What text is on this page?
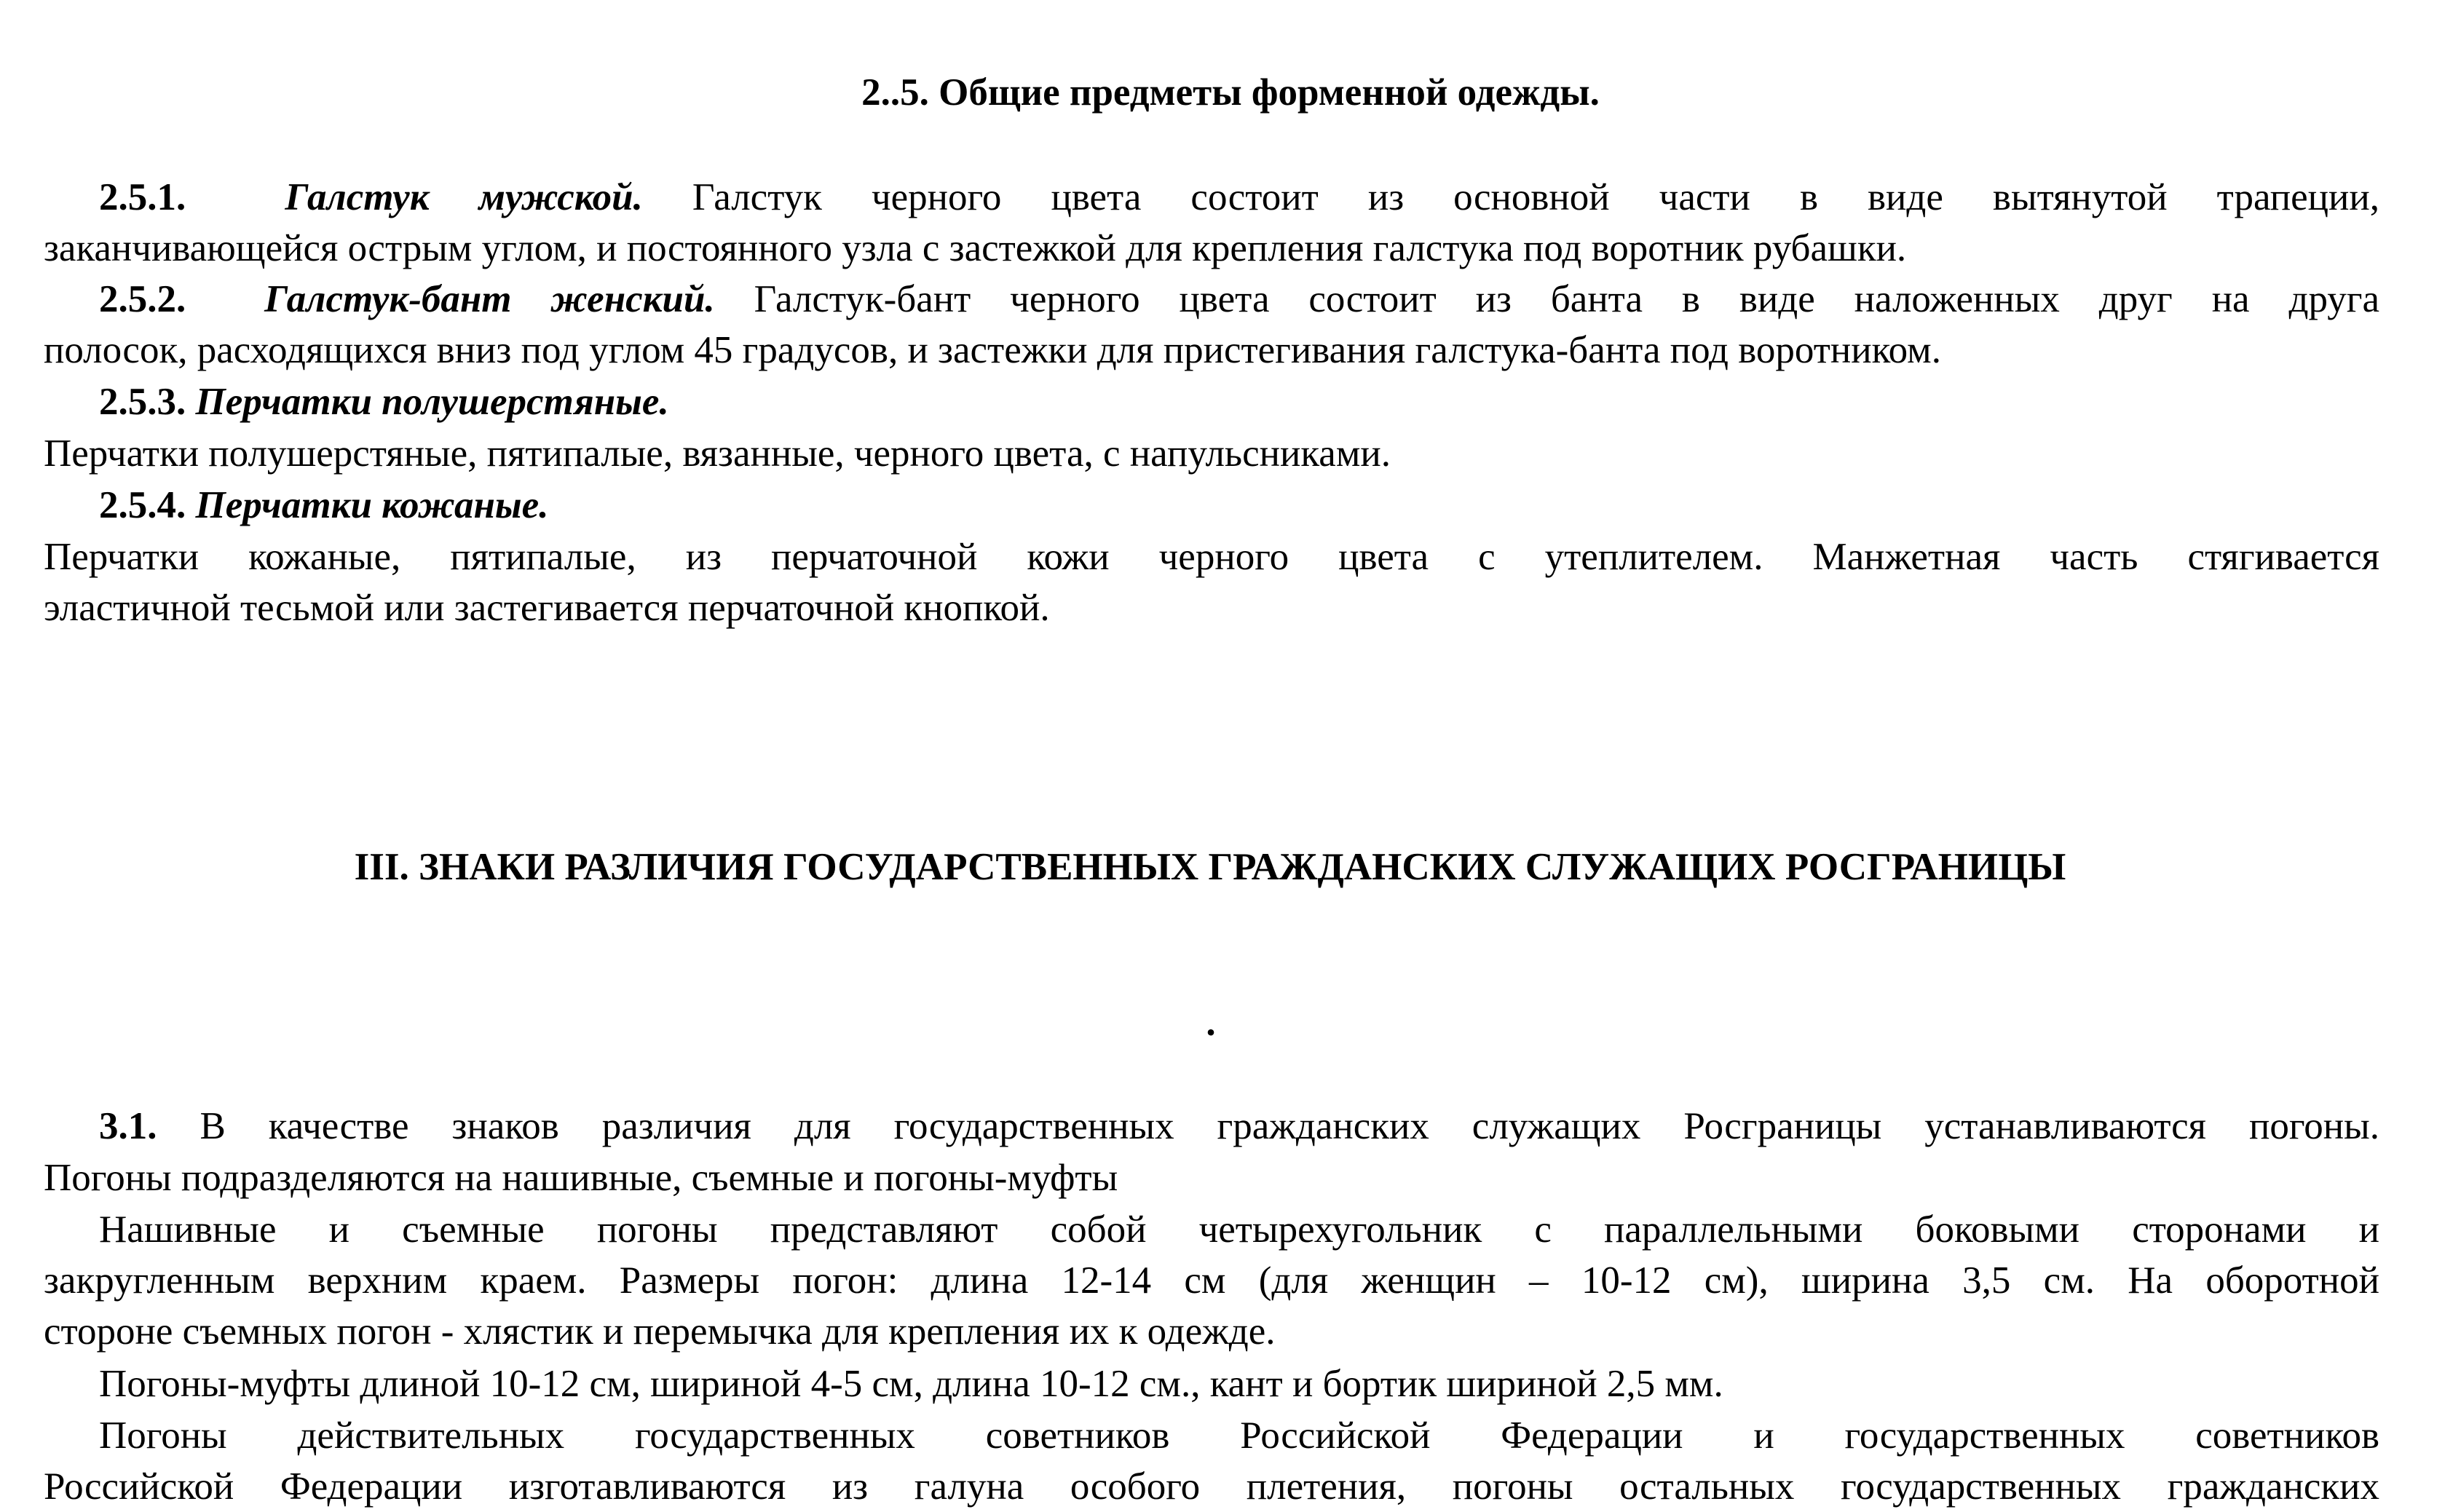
2..5. Общие предметы форменной одежды.
2.5.1.	Галстук мужской. Галстук черного цвета состоит из основной части в виде вытянутой трапеции,
заканчивающейся острым углом, и постоянного узла с застежкой для крепления галстука под воротник рубашки.
2.5.2. Галстук-бант женский. Галстук-бант черного цвета состоит из банта в виде наложенных друг на друга
полосок, расходящихся вниз под углом 45 градусов, и застежки для пристегивания галстука-банта под воротником.
2.5.3. Перчатки полушерстяные.
Перчатки полушерстяные, пятипалые, вязанные, черного цвета, с напульсниками.
2.5.4. Перчатки кожаные.
Перчатки кожаные, пятипалые, из перчаточной кожи черного цвета с утеплителем. Манжетная часть стягивается
эластичной тесьмой или застегивается перчаточной кнопкой.
III. ЗНАКИ РАЗЛИЧИЯ ГОСУДАРСТВЕННЫХ ГРАЖДАНСКИХ СЛУЖАЩИХ РОСГРАНИЦЫ
.
3.1. В качестве знаков различия для государственных гражданских служащих Росграницы устанавливаются погоны.
Погоны подразделяются на нашивные, съемные и погоны-муфты
Нашивные и съемные погоны представляют собой четырехугольник с параллельными боковыми сторонами и
закругленным верхним краем. Размеры погон: длина 12-14 см (для женщин – 10-12 см), ширина 3,5 см. На оборотной
стороне съемных погон - хлястик и перемычка для крепления их к одежде.
Погоны-муфты длиной 10-12 см, шириной 4-5 см, длина 10-12 см., кант и бортик шириной 2,5 мм.
Погоны действительных государственных советников Российской Федерации и государственных советников
Российской Федерации изготавливаются из галуна особого плетения, погоны остальных государственных гражданских
